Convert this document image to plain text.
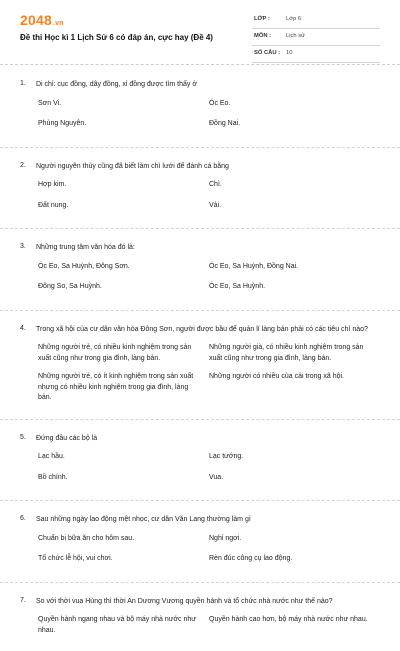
2048.vn
Đề thi Học kì 1 Lịch Sử 6 có đáp án, cực hay (Đề 4)
LỚP :	Lớp 6
MÔN :	Lịch sử
SỐ CÂU : 10
1.	Di chỉ: cục đồng, dây đồng, xỉ đồng được tìm thấy ở
Sơn Vi.	Óc Eo.
Phùng Nguyên.	Đồng Nai.
2.	Người nguyên thủy cũng đã biết làm chì lưới để đánh cá bằng
Hợp kim.	Chì.
Đất nung.	Vải.
3.	Những trung tâm văn hóa đó là:
Óc Eo, Sa Huỳnh, Đông Sơn.	Óc Eo, Sa Huỳnh, Đồng Nai.
Đông So, Sa Huỳnh.	Óc Eo, Sa Huỳnh.
4.	Trong xã hội của cư dân văn hóa Đông Sơn, người được bầu để quản lí làng bản phải có các tiêu chí nào?
Những người trẻ, có nhiều kinh nghiệm trong sản xuất cũng như trong gia đình, làng bản.
Những người già, có nhiều kinh nghiệm trong sản xuất cũng như trong gia đình, làng bản.
Những người trẻ, có ít kinh nghiệm trong sản xuất nhưng có nhiều kinh nghiệm trong gia đình, làng bản.
Những người có nhiều của cải trong xã hội.
5.	Đứng đầu các bộ là
Lạc hầu.	Lạc tướng.
Bồ chính.	Vua.
6.	Sau những ngày lao động mệt nhọc, cư dân Văn Lang thường làm gì
Chuẩn bị bữa ăn cho hôm sau.	Nghỉ ngơi.
Tổ chức lễ hội, vui chơi.	Rèn đúc công cụ lao động.
7.	So với thời vua Hùng thì thời An Dương Vương quyền hành và tổ chức nhà nước như thế nào?
Quyền hành ngang nhau và bộ máy nhà nước như nhau.
Quyền hành cao hơn, bộ máy nhà nước như nhau.
